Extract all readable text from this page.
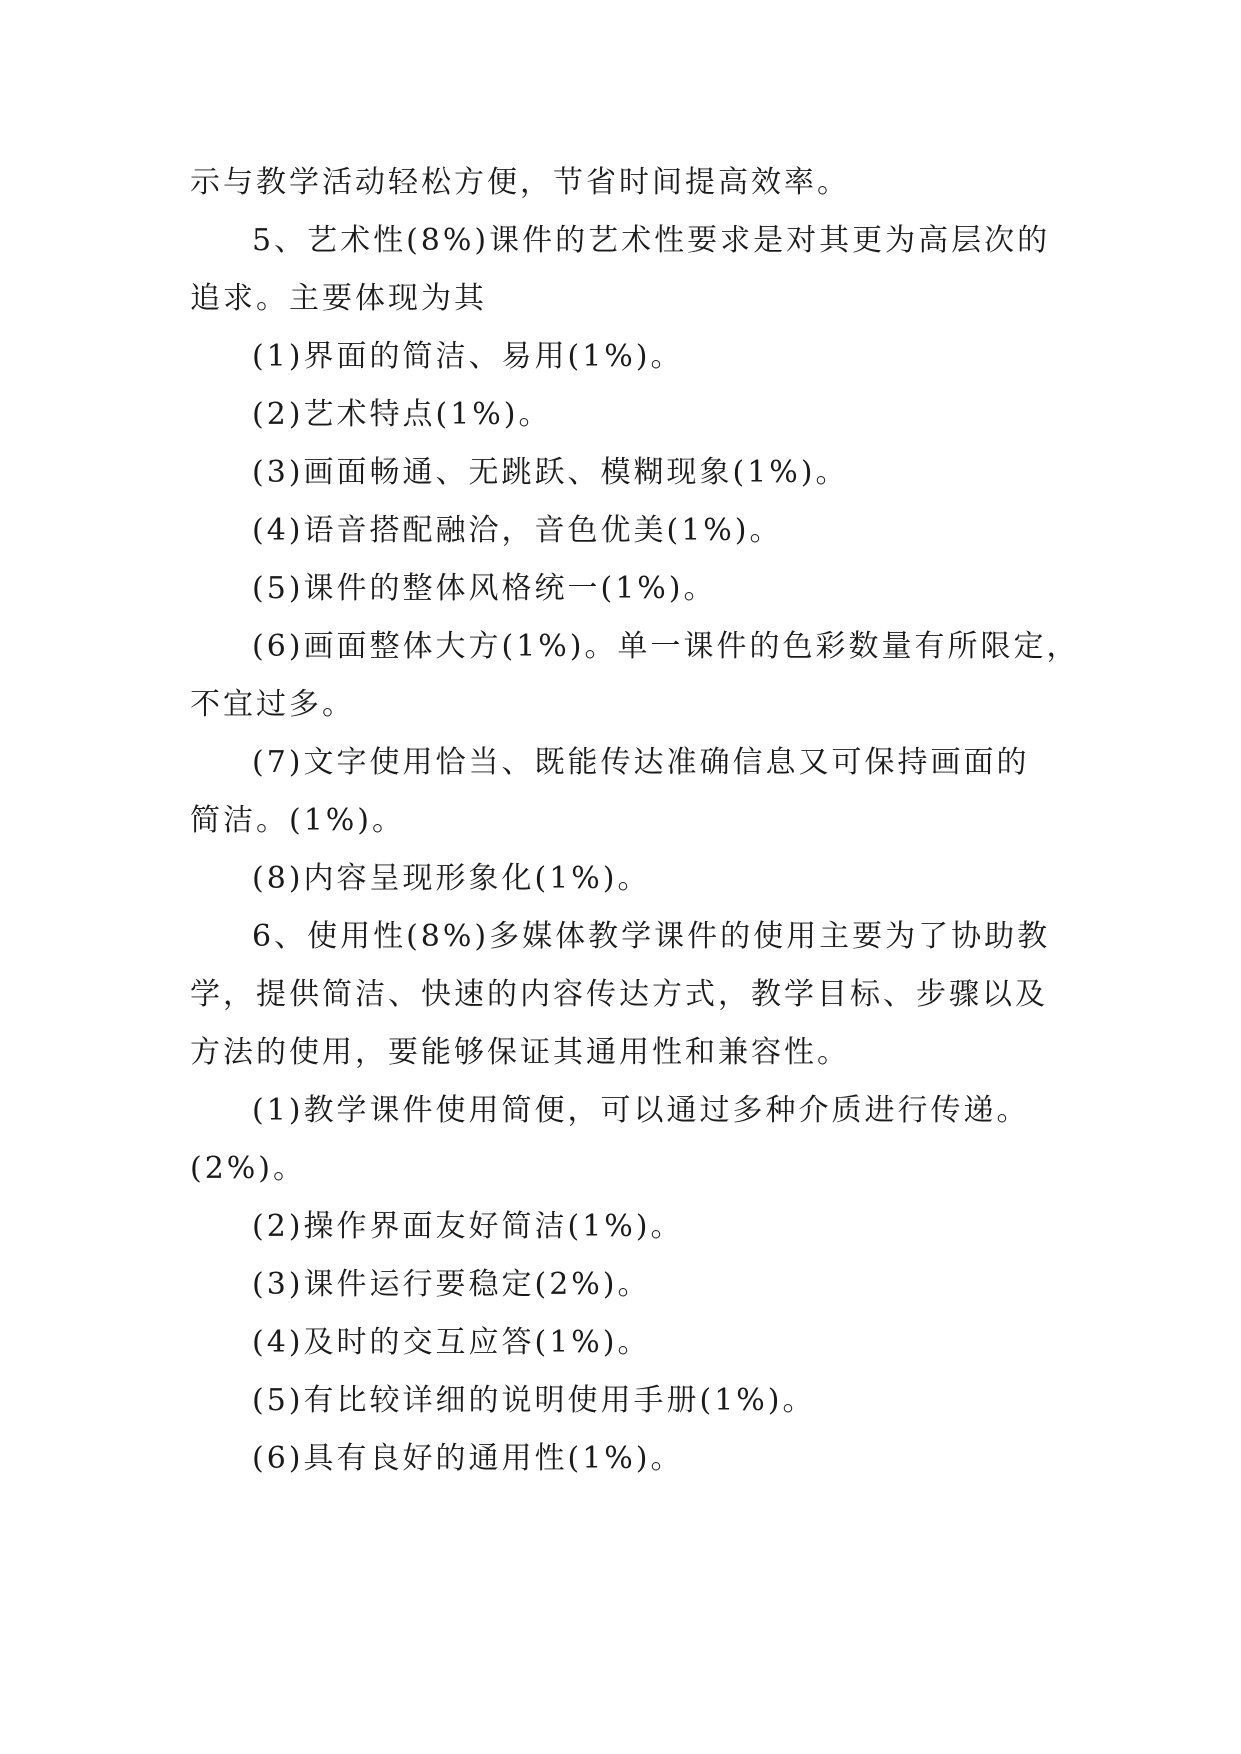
示与教学活动轻松方便，节省时间提高效率。
5、艺术性(8%)课件的艺术性要求是对其更为高层次的
追求。主要体现为其
(1)界面的简洁、易用(1%)。
(2)艺术特点(1%)。
(3)画面畅通、无跳跃、模糊现象(1%)。
(4)语音搭配融洽，音色优美(1%)。
(5)课件的整体风格统一(1%)。
(6)画面整体大方(1%)。单一课件的色彩数量有所限定，
不宜过多。
(7)文字使用恰当、既能传达准确信息又可保持画面的
简洁。(1%)。
(8)内容呈现形象化(1%)。
6、使用性(8%)多媒体教学课件的使用主要为了协助教
学，提供简洁、快速的内容传达方式，教学目标、步骤以及
方法的使用，要能够保证其通用性和兼容性。
(1)教学课件使用简便，可以通过多种介质进行传递。
(2%)。
(2)操作界面友好简洁(1%)。
(3)课件运行要稳定(2%)。
(4)及时的交互应答(1%)。
(5)有比较详细的说明使用手册(1%)。
(6)具有良好的通用性(1%)。
